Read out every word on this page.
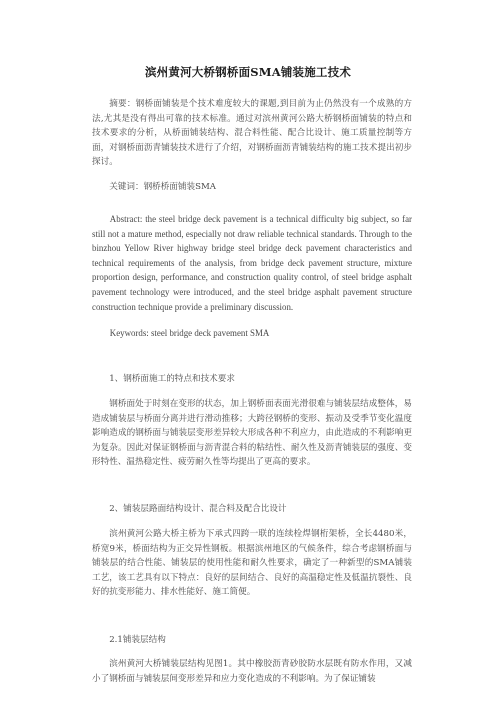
滨州黄河大桥钢桥面SMA铺装施工技术

摘要：钢桥面铺装是个技术难度较大的课题,到目前为止仍然没有一个成熟的方法,尤其是没有得出可靠的技术标准。通过对滨州黄河公路大桥钢桥面铺装的特点和技术要求的分析，从桥面铺装结构、混合料性能、配合比设计、施工质量控制等方面，对钢桥面沥青铺装技术进行了介绍，对钢桥面沥青铺装结构的施工技术提出初步探讨。

关键词：钢桥桥面铺装SMA

Abstract: the steel bridge deck pavement is a technical difficulty big subject, so far still not a mature method, especially not draw reliable technical standards. Through to the binzhou Yellow River highway bridge steel bridge deck pavement characteristics and technical requirements of the analysis, from bridge deck pavement structure, mixture proportion design, performance, and construction quality control, of steel bridge asphalt pavement technology were introduced, and the steel bridge asphalt pavement structure construction technique provide a preliminary discussion.

Keywords: steel bridge deck pavement SMA

1、钢桥面施工的特点和技术要求

钢桥面处于时刻在变形的状态，加上钢桥面表面光滑很难与铺装层结成整体，易造成铺装层与桥面分离并进行滑动推移；大跨径钢桥的变形、振动及受季节变化温度影响造成的钢桥面与铺装层变形差异较大形成各种不利应力，由此造成的不利影响更为复杂。因此对保证钢桥面与沥青混合料的粘结性、耐久性及沥青铺装层的强度、变形特性、温热稳定性、疲劳耐久性等均提出了更高的要求。

2、铺装层路面结构设计、混合料及配合比设计

滨州黄河公路大桥主桥为下承式四跨一联的连续栓焊钢桁架桥，全长4480米，桥宽9米，桥面结构为正交异性钢板。根据滨州地区的气候条件，综合考虑钢桥面与铺装层的结合性能、铺装层的使用性能和耐久性要求，确定了一种新型的SMA铺装工艺，该工艺具有以下特点：良好的层间结合、良好的高温稳定性及低温抗裂性、良好的抗变形能力、排水性能好、施工简便。

2.1铺装层结构

滨州黄河大桥铺装层结构见图1。其中橡胶沥青砂胶防水层既有防水作用，又减小了钢桥面与铺装层间变形差异和应力变化造成的不利影响。为了保证铺装
